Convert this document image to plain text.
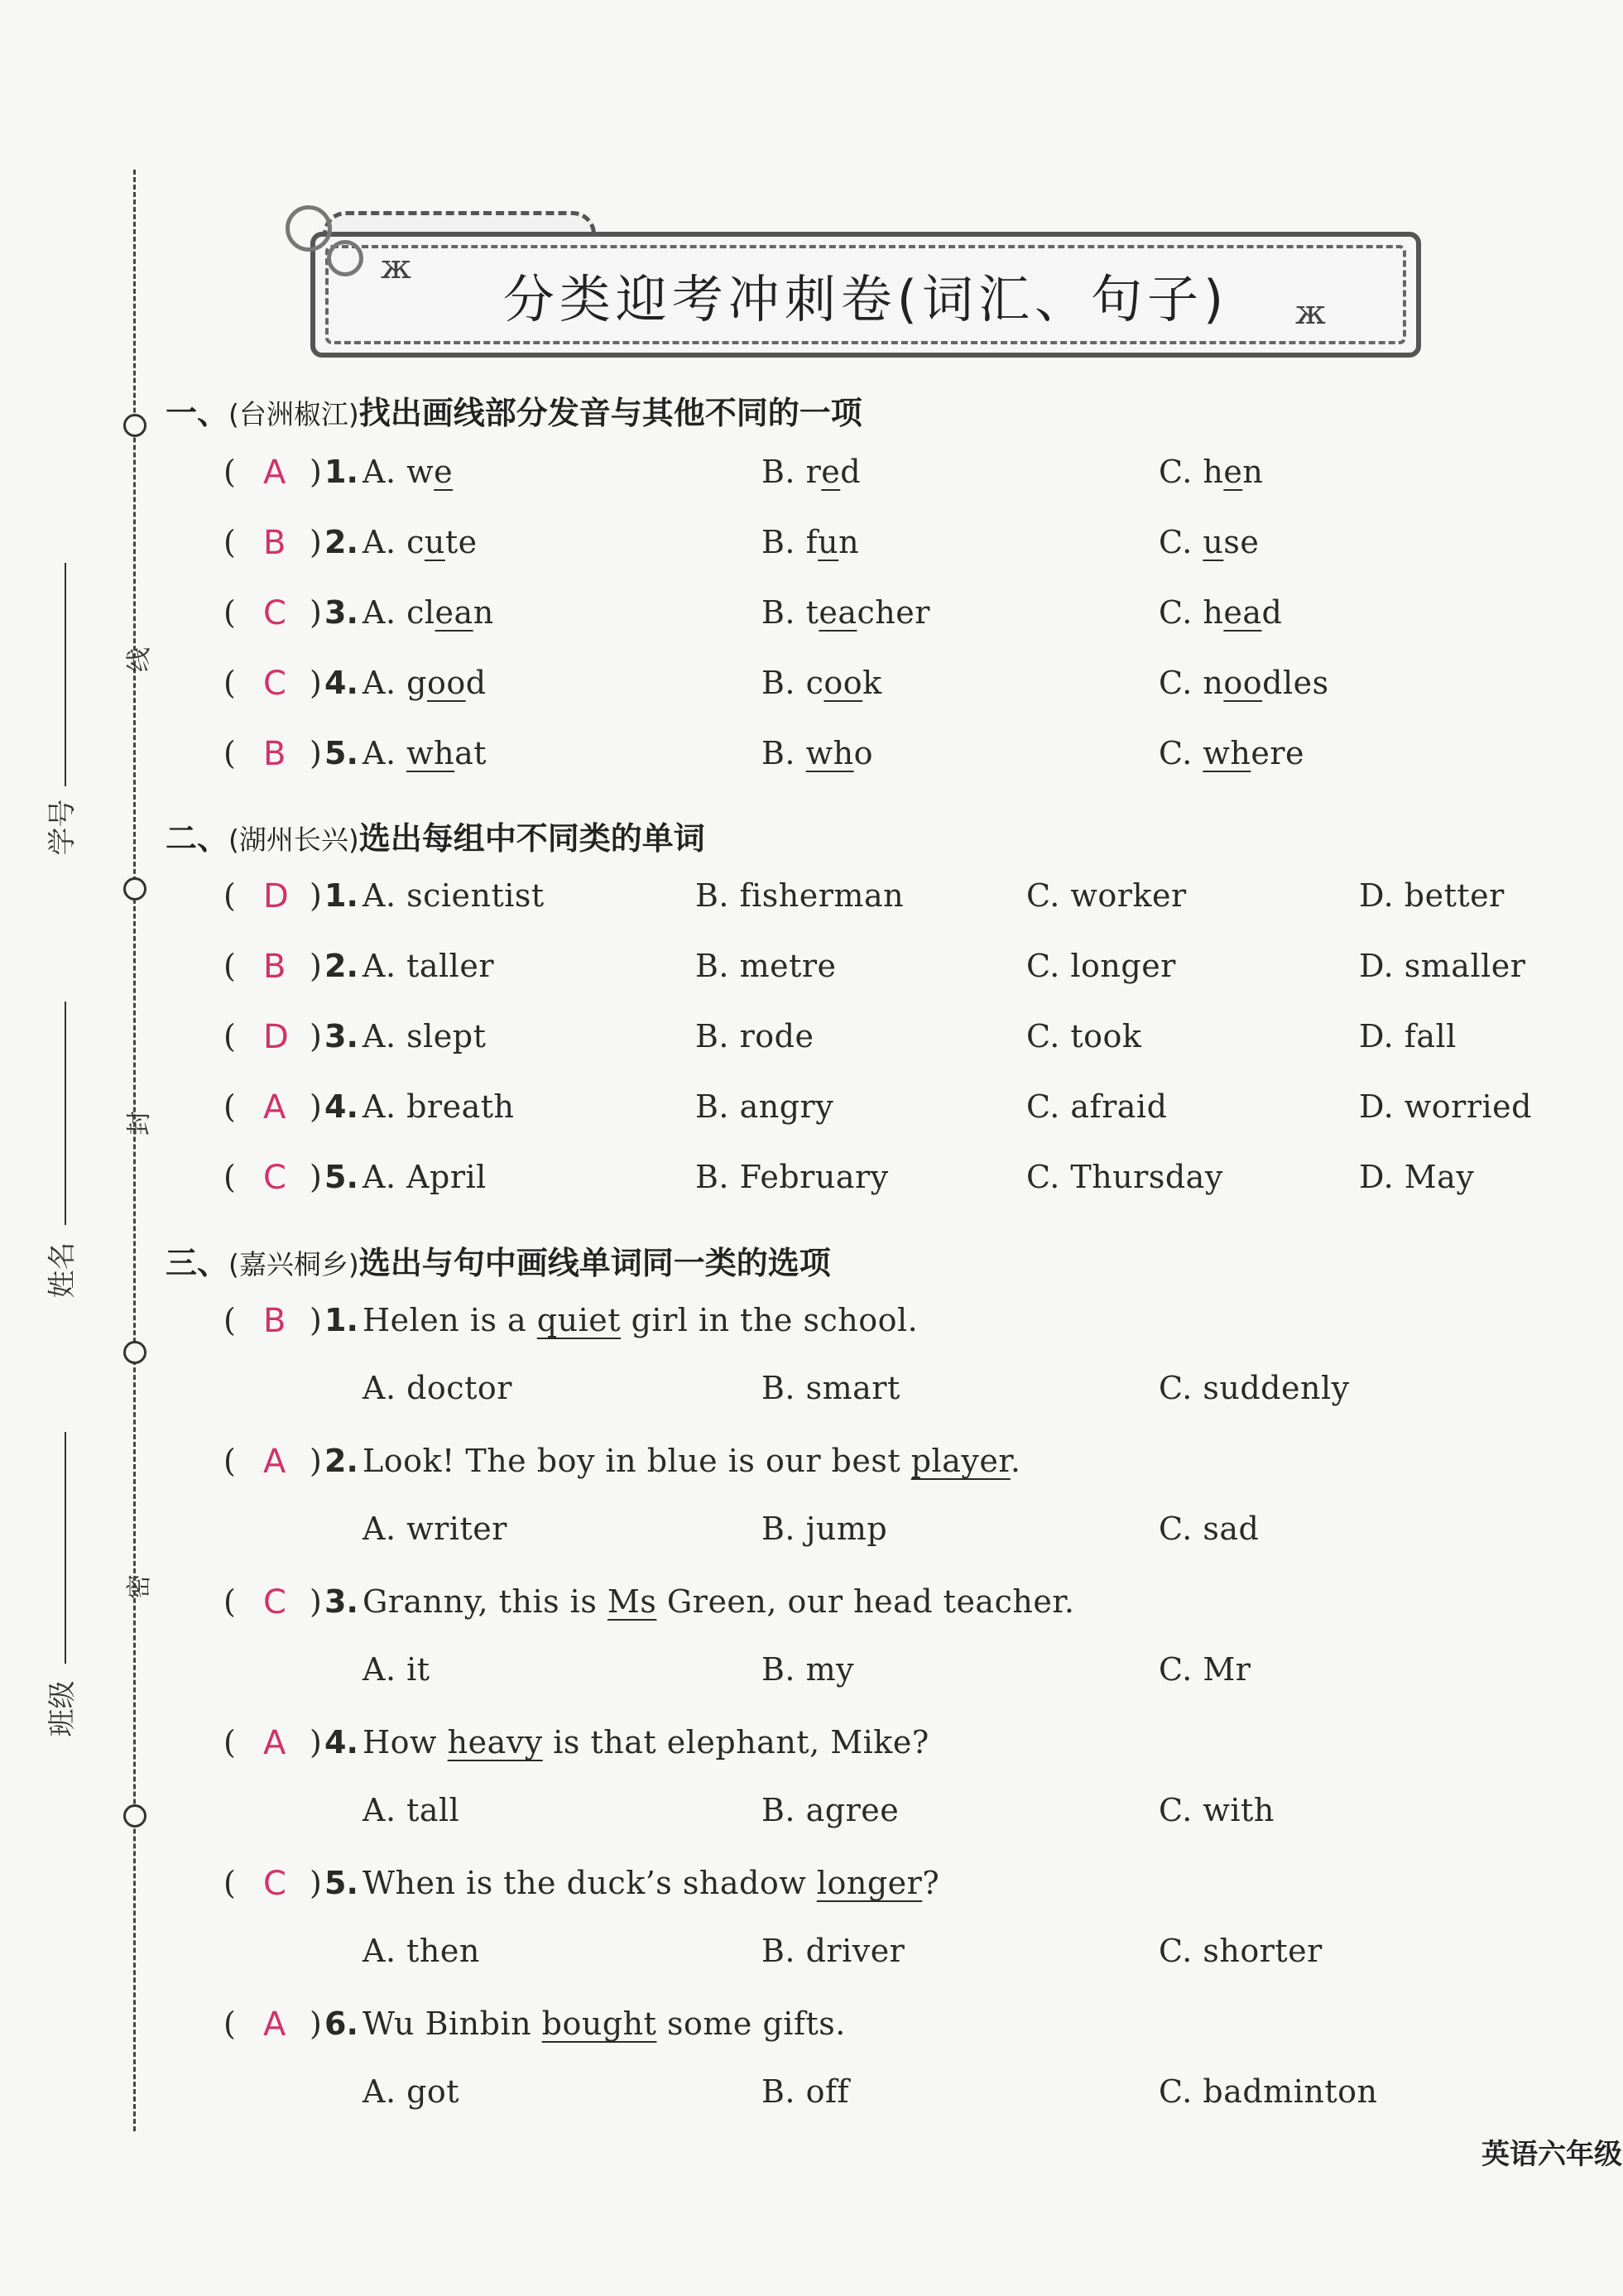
线
封
密
学号
姓名
班级
分类迎考冲刺卷(词汇、句子)
ж
ж
一、(台洲椒江)找出画线部分发音与其他不同的一项
( A ) 1. A. we	B. red	C. hen
( B ) 2. A. cute	B. fun	C. use
( C ) 3. A. clean	B. teacher	C. head
( C ) 4. A. good	B. cook	C. noodles
( B ) 5. A. what	B. who	C. where
二、(湖州长兴)选出每组中不同类的单词
( D ) 1. A. scientist	B. fisherman	C. worker	D. better
( B ) 2. A. taller	B. metre	C. longer	D. smaller
( D ) 3. A. slept	B. rode	C. took	D. fall
( A ) 4. A. breath	B. angry	C. afraid	D. worried
( C ) 5. A. April	B. February	C. Thursday	D. May
三、(嘉兴桐乡)选出与句中画线单词同一类的选项
( B ) 1. Helen is a quiet girl in the school.
A. doctor	B. smart	C. suddenly
( A ) 2. Look! The boy in blue is our best player.
A. writer	B. jump	C. sad
( C ) 3. Granny, this is Ms Green, our head teacher.
A. it	B. my	C. Mr
( A ) 4. How heavy is that elephant, Mike?
A. tall	B. agree	C. with
( C ) 5. When is the duck’s shadow longer?
A. then	B. driver	C. shorter
( A ) 6. Wu Binbin bought some gifts.
A. got	B. off	C. badminton
英语六年级
